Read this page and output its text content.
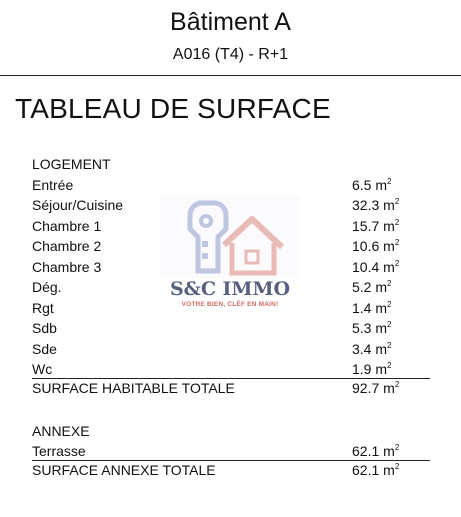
Bâtiment A
A016 (T4) - R+1
TABLEAU DE SURFACE
S&C IMMO
VOTRE BIEN, CLÉF EN MAIN!
LOGEMENT
Entrée	6.5 $m^2$
Séjour/Cuisine	32.3 $m^2$
Chambre 1	15.7 $m^2$
Chambre 2	10.6 $m^2$
Chambre 3	10.4 $m^2$
Dég.	5.2 $m^2$
Rgt	1.4 $m^2$
Sdb	5.3 $m^2$
Sde	3.4 $m^2$
Wc	1.9 $m^2$
SURFACE HABITABLE TOTALE	92.7 $m^2$
ANNEXE
Terrasse	62.1 $m^2$
SURFACE ANNEXE TOTALE	62.1 $m^2$
